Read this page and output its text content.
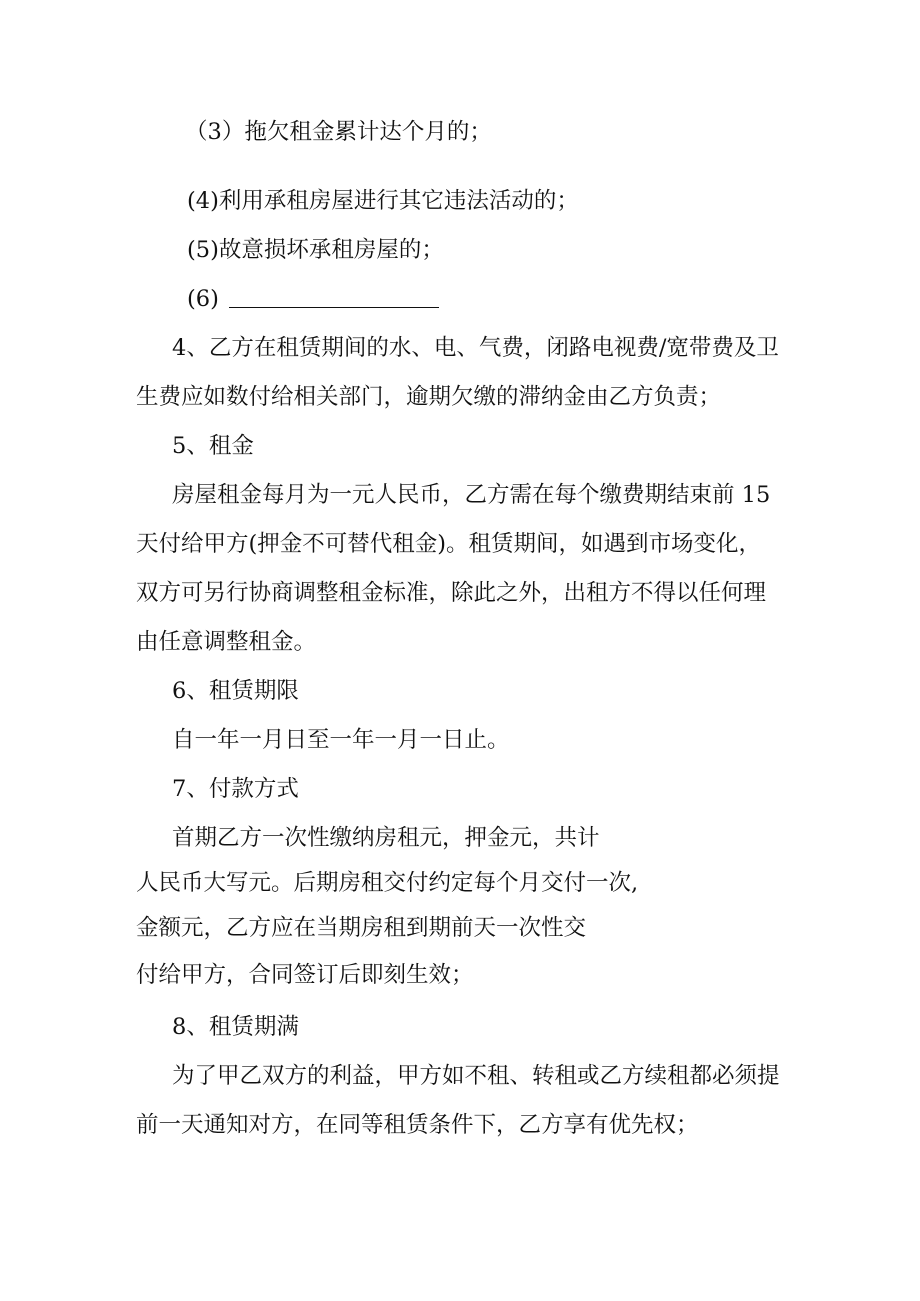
（3）拖欠租金累计达个月的；
(4)利用承租房屋进行其它违法活动的；
(5)故意损坏承租房屋的；
(6)
4、乙方在租赁期间的水、电、气费，闭路电视费/宽带费及卫
生费应如数付给相关部门，逾期欠缴的滞纳金由乙方负责；
5、租金
房屋租金每月为一元人民币，乙方需在每个缴费期结束前 15
天付给甲方(押金不可替代租金)。租赁期间，如遇到市场变化，
双方可另行协商调整租金标准，除此之外，出租方不得以任何理
由任意调整租金。
6、租赁期限
自一年一月日至一年一月一日止。
7、付款方式
首期乙方一次性缴纳房租元，押金元，共计
人民币大写元。后期房租交付约定每个月交付一次,
金额元，乙方应在当期房租到期前天一次性交
付给甲方，合同签订后即刻生效；
8、租赁期满
为了甲乙双方的利益，甲方如不租、转租或乙方续租都必须提
前一天通知对方，在同等租赁条件下，乙方享有优先权；
